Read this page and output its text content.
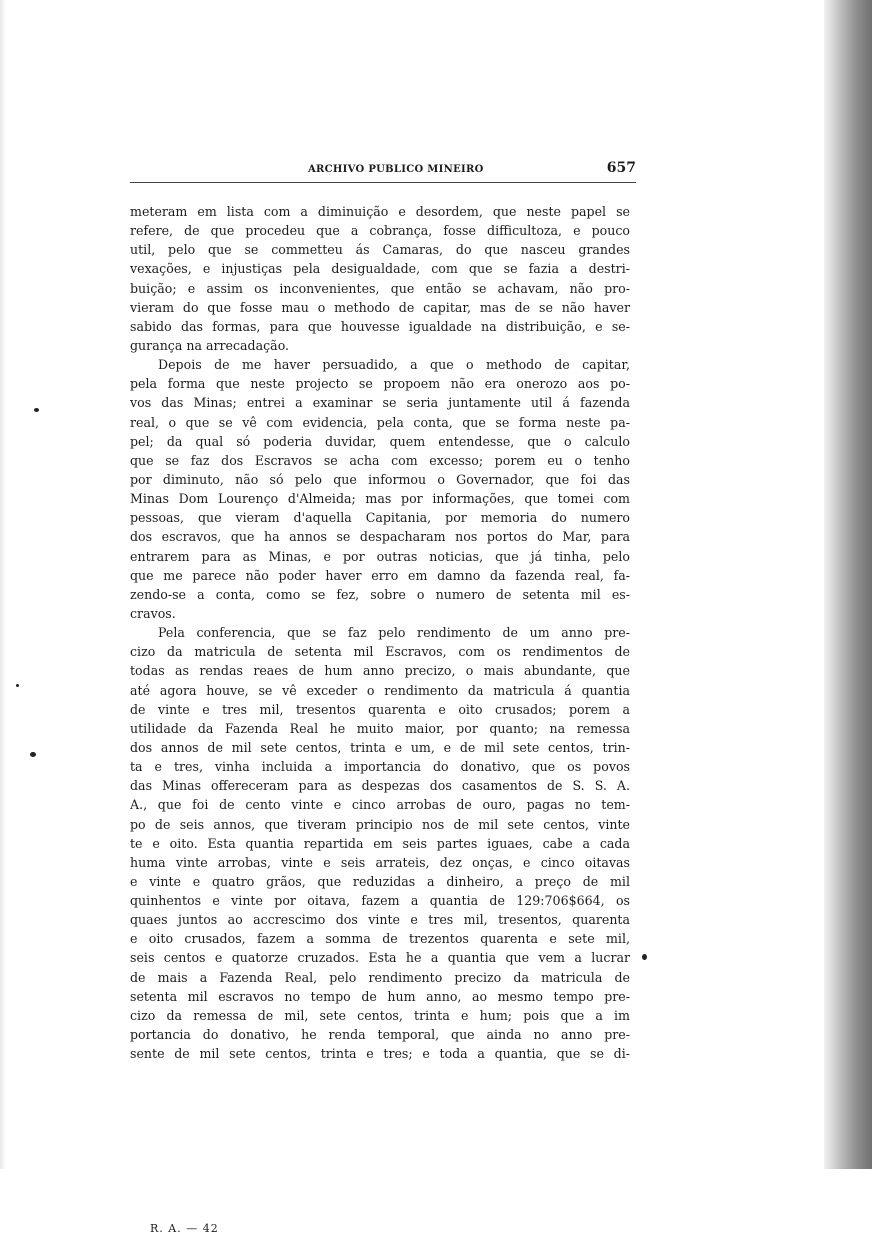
ARCHIVO PUBLICO MINEIRO	657
meteram em lista com a diminuição e desordem, que neste papel se
refere, de que procedeu que a cobrança, fosse difficultoza, e pouco
util, pelo que se commetteu ás Camaras, do que nasceu grandes
vexações, e injustiças pela desigualdade, com que se fazia a destri-
buição; e assim os inconvenientes, que então se achavam, não pro-
vieram do que fosse mau o methodo de capitar, mas de se não haver
sabido das formas, para que houvesse igualdade na distribuição, e se-
gurança na arrecadação.
Depois de me haver persuadido, a que o methodo de capitar,
pela forma que neste projecto se propoem não era onerozo aos po-
vos das Minas; entrei a examinar se seria juntamente util á fazenda
real, o que se vê com evidencia, pela conta, que se forma neste pa-
pel; da qual só poderia duvidar, quem entendesse, que o calculo
que se faz dos Escravos se acha com excesso; porem eu o tenho
por diminuto, não só pelo que informou o Governador, que foi das
Minas Dom Lourenço d'Almeida; mas por informações, que tomei com
pessoas, que vieram d'aquella Capitania, por memoria do numero
dos escravos, que ha annos se despacharam nos portos do Mar, para
entrarem para as Minas, e por outras noticias, que já tinha, pelo
que me parece não poder haver erro em damno da fazenda real, fa-
zendo-se a conta, como se fez, sobre o numero de setenta mil es-
cravos.
Pela conferencia, que se faz pelo rendimento de um anno pre-
cizo da matricula de setenta mil Escravos, com os rendimentos de
todas as rendas reaes de hum anno precizo, o mais abundante, que
até agora houve, se vê exceder o rendimento da matricula á quantia
de vinte e tres mil, tresentos quarenta e oito crusados; porem a
utilidade da Fazenda Real he muito maior, por quanto; na remessa
dos annos de mil sete centos, trinta e um, e de mil sete centos, trin-
ta e tres, vinha incluida a importancia do donativo, que os povos
das Minas offereceram para as despezas dos casamentos de S. S. A.
A., que foi de cento vinte e cinco arrobas de ouro, pagas no tem-
po de seis annos, que tiveram principio nos de mil sete centos, vinte
te e oito. Esta quantia repartida em seis partes iguaes, cabe a cada
huma vinte arrobas, vinte e seis arrateis, dez onças, e cinco oitavas
e vinte e quatro grãos, que reduzidas a dinheiro, a preço de mil
quinhentos e vinte por oitava, fazem a quantia de 129:706$664, os
quaes juntos ao accrescimo dos vinte e tres mil, tresentos, quarenta
e oito crusados, fazem a somma de trezentos quarenta e sete mil,
seis centos e quatorze cruzados. Esta he a quantia que vem a lucrar
de mais a Fazenda Real, pelo rendimento precizo da matricula de
setenta mil escravos no tempo de hum anno, ao mesmo tempo pre-
cizo da remessa de mil, sete centos, trinta e hum; pois que a im
portancia do donativo, he renda temporal, que ainda no anno pre-
sente de mil sete centos, trinta e tres; e toda a quantia, que se di-
R. A. — 42
